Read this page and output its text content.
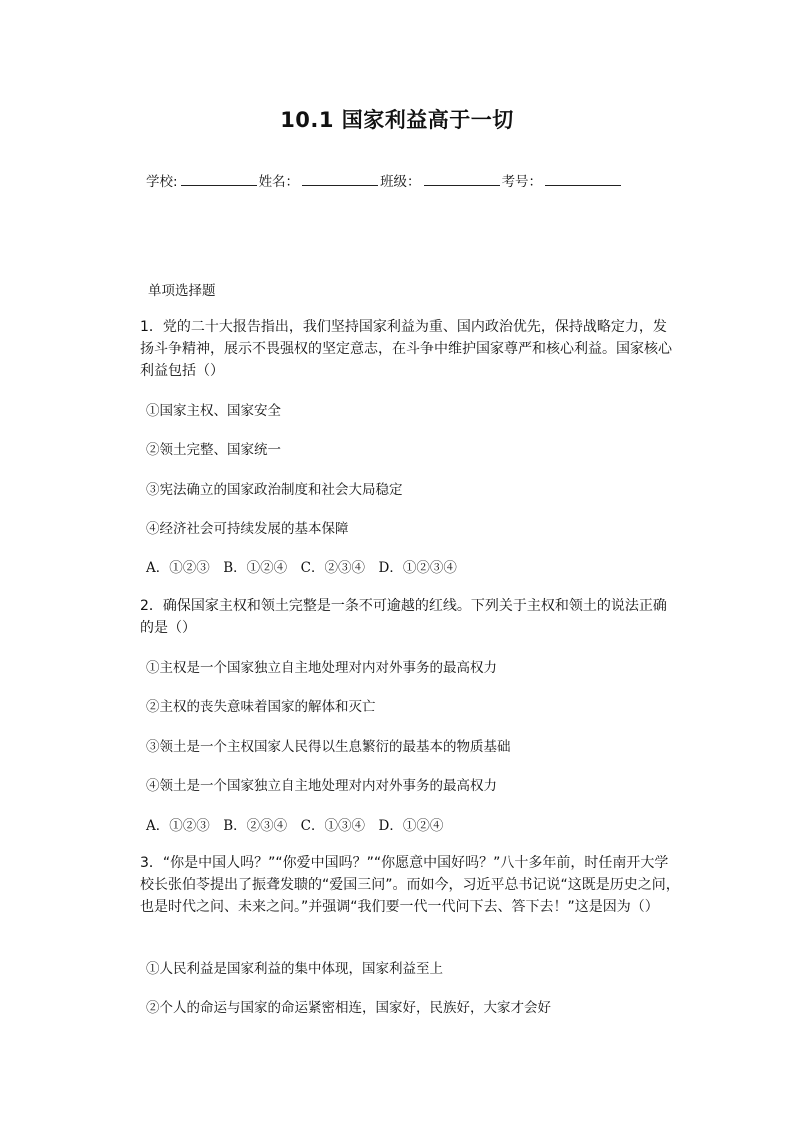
10.1 国家利益高于一切
学校:	姓名：	班级：	考号：
单项选择题
1．党的二十大报告指出，我们坚持国家利益为重、国内政治优先，保持战略定力，发扬斗争精神，展示不畏强权的坚定意志，在斗争中维护国家尊严和核心利益。国家核心利益包括（）
①国家主权、国家安全
②领土完整、国家统一
③宪法确立的国家政治制度和社会大局稳定
④经济社会可持续发展的基本保障
A．①②③　B．①②④　C．②③④　D．①②③④
2．确保国家主权和领土完整是一条不可逾越的红线。下列关于主权和领土的说法正确的是（）
①主权是一个国家独立自主地处理对内对外事务的最高权力
②主权的丧失意味着国家的解体和灭亡
③领土是一个主权国家人民得以生息繁衍的最基本的物质基础
④领土是一个国家独立自主地处理对内对外事务的最高权力
A．①②③　B．②③④　C．①③④　D．①②④
3．“你是中国人吗？”“你爱中国吗？”“你愿意中国好吗？”八十多年前，时任南开大学校长张伯苓提出了振聋发聩的“爱国三问”。而如今，习近平总书记说“这既是历史之问，也是时代之问、未来之问。”并强调“我们要一代一代问下去、答下去！”这是因为（）
①人民利益是国家利益的集中体现，国家利益至上
②个人的命运与国家的命运紧密相连，国家好，民族好，大家才会好
